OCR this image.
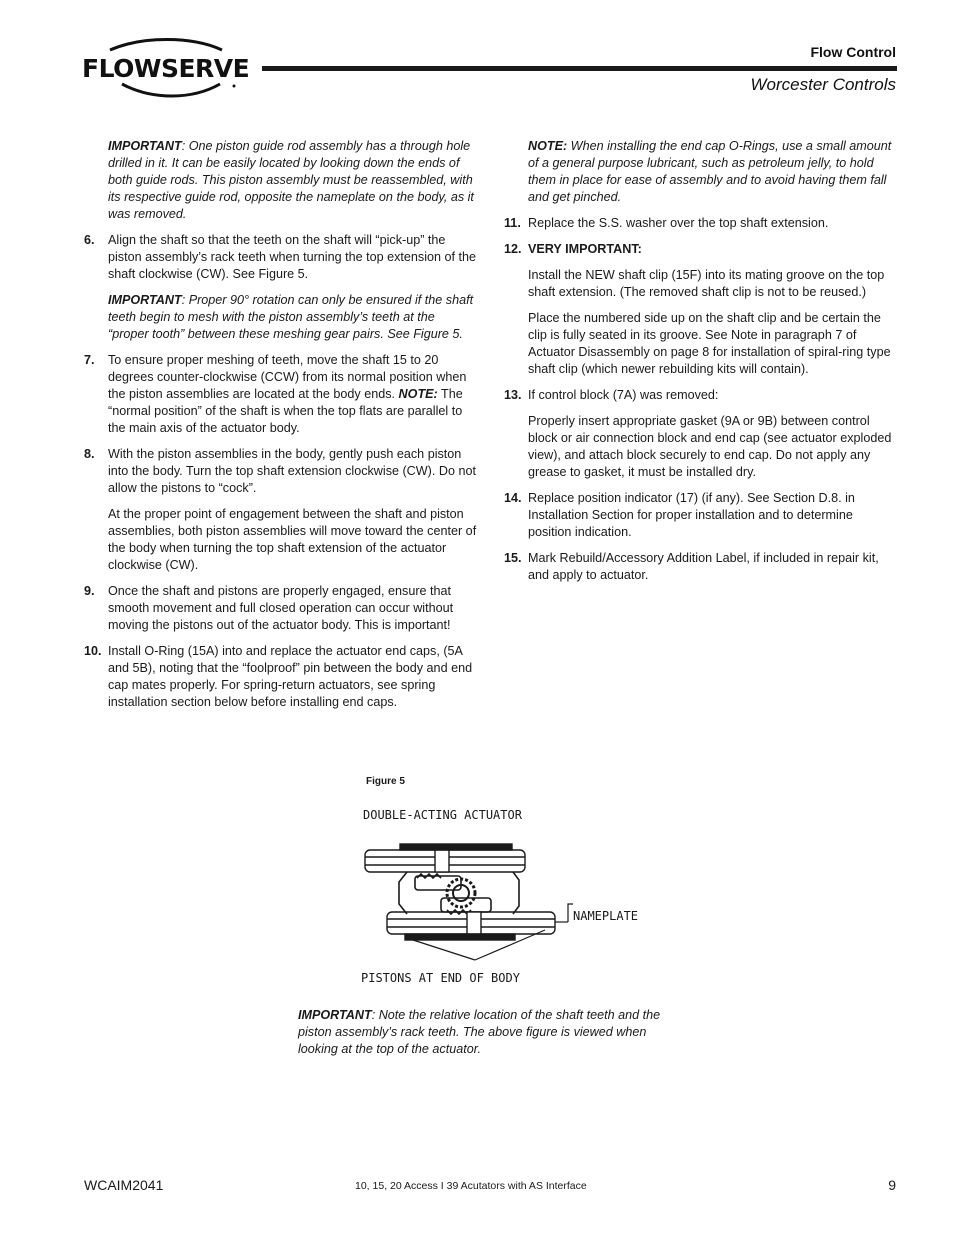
FLOWSERVE
Flow Control
Worcester Controls

IMPORTANT: One piston guide rod assembly has a through hole drilled in it. It can be easily located by looking down the ends of both guide rods. This piston assembly must be reassembled, with its respective guide rod, opposite the nameplate on the body, as it was removed.

6. Align the shaft so that the teeth on the shaft will “pick-up” the piston assembly’s rack teeth when turning the top extension of the shaft clockwise (CW). See Figure 5.

IMPORTANT: Proper 90° rotation can only be ensured if the shaft teeth begin to mesh with the piston assembly’s teeth at the “proper tooth” between these meshing gear pairs. See Figure 5.

7. To ensure proper meshing of teeth, move the shaft 15 to 20 degrees counter-clockwise (CCW) from its normal position when the piston assemblies are located at the body ends. NOTE: The “normal position” of the shaft is when the top flats are parallel to the main axis of the actuator body.
8. With the piston assemblies in the body, gently push each piston into the body. Turn the top shaft extension clockwise (CW). Do not allow the pistons to “cock”.

At the proper point of engagement between the shaft and piston assemblies, both piston assemblies will move toward the center of the body when turning the top shaft extension of the actuator clockwise (CW).

9. Once the shaft and pistons are properly engaged, ensure that smooth movement and full closed operation can occur without moving the pistons out of the actuator body. This is important!
10. Install O-Ring (15A) into and replace the actuator end caps, (5A and 5B), noting that the “foolproof” pin between the body and end cap mates properly. For spring-return actuators, see spring installation section below before installing end caps.

NOTE: When installing the end cap O-Rings, use a small amount of a general purpose lubricant, such as petroleum jelly, to hold them in place for ease of assembly and to avoid having them fall and get pinched.

11. Replace the S.S. washer over the top shaft extension.
12. VERY IMPORTANT:

Install the NEW shaft clip (15F) into its mating groove on the top shaft extension. (The removed shaft clip is not to be reused.)

Place the numbered side up on the shaft clip and be certain the clip is fully seated in its groove. See Note in paragraph 7 of Actuator Disassembly on page 8 for installation of spiral-ring type shaft clip (which newer rebuilding kits will contain).

13. If control block (7A) was removed:

Properly insert appropriate gasket (9A or 9B) between control block or air connection block and end cap (see actuator exploded view), and attach block securely to end cap. Do not apply any grease to gasket, it must be installed dry.

14. Replace position indicator (17) (if any). See Section D.8. in Installation Section for proper installation and to determine position indication.
15. Mark Rebuild/Accessory Addition Label, if included in repair kit, and apply to actuator.
Figure 5
DOUBLE-ACTING ACTUATOR
NAMEPLATE
PISTONS AT END OF BODY

IMPORTANT: Note the relative location of the shaft teeth and the piston assembly’s rack teeth. The above figure is viewed when looking at the top of the actuator.

WCAIM2041	10, 15, 20 Access I 39 Acutators with AS Interface	9
